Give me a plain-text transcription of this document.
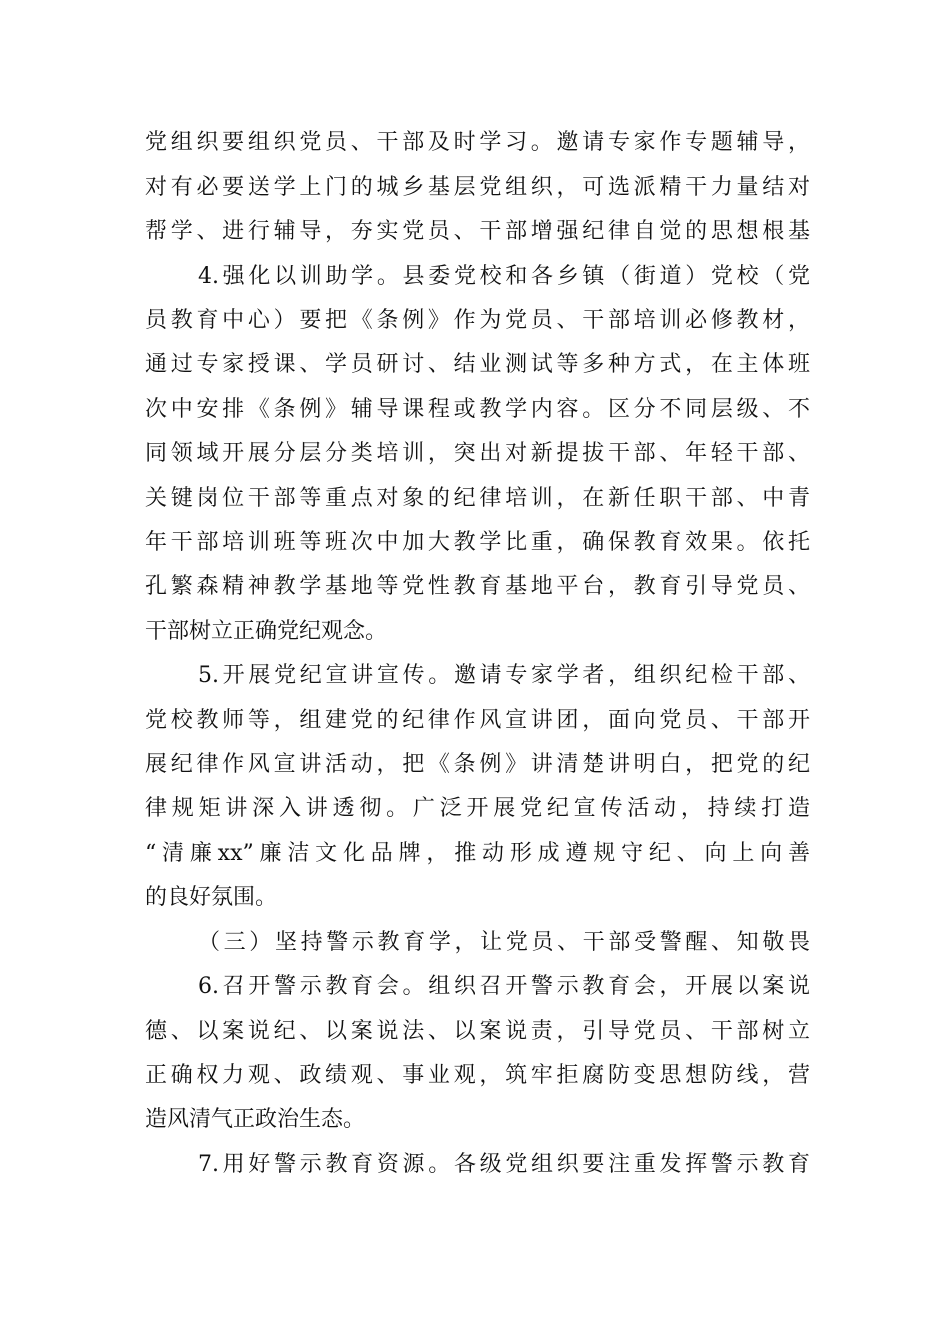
党组织要组织党员、干部及时学习。邀请专家作专题辅导，
对有必要送学上门的城乡基层党组织，可选派精干力量结对
帮学、进行辅导，夯实党员、干部增强纪律自觉的思想根基
4.强化以训助学。县委党校和各乡镇（街道）党校（党
员教育中心）要把《条例》作为党员、干部培训必修教材，
通过专家授课、学员研讨、结业测试等多种方式，在主体班
次中安排《条例》辅导课程或教学内容。区分不同层级、不
同领域开展分层分类培训，突出对新提拔干部、年轻干部、
关键岗位干部等重点对象的纪律培训，在新任职干部、中青
年干部培训班等班次中加大教学比重，确保教育效果。依托
孔繁森精神教学基地等党性教育基地平台，教育引导党员、
干部树立正确党纪观念。
5.开展党纪宣讲宣传。邀请专家学者，组织纪检干部、
党校教师等，组建党的纪律作风宣讲团，面向党员、干部开
展纪律作风宣讲活动，把《条例》讲清楚讲明白，把党的纪
律规矩讲深入讲透彻。广泛开展党纪宣传活动，持续打造
“清廉xx”廉洁文化品牌，推动形成遵规守纪、向上向善
的良好氛围。
（三）坚持警示教育学，让党员、干部受警醒、知敬畏
6.召开警示教育会。组织召开警示教育会，开展以案说
德、以案说纪、以案说法、以案说责，引导党员、干部树立
正确权力观、政绩观、事业观，筑牢拒腐防变思想防线，营
造风清气正政治生态。
7.用好警示教育资源。各级党组织要注重发挥警示教育
